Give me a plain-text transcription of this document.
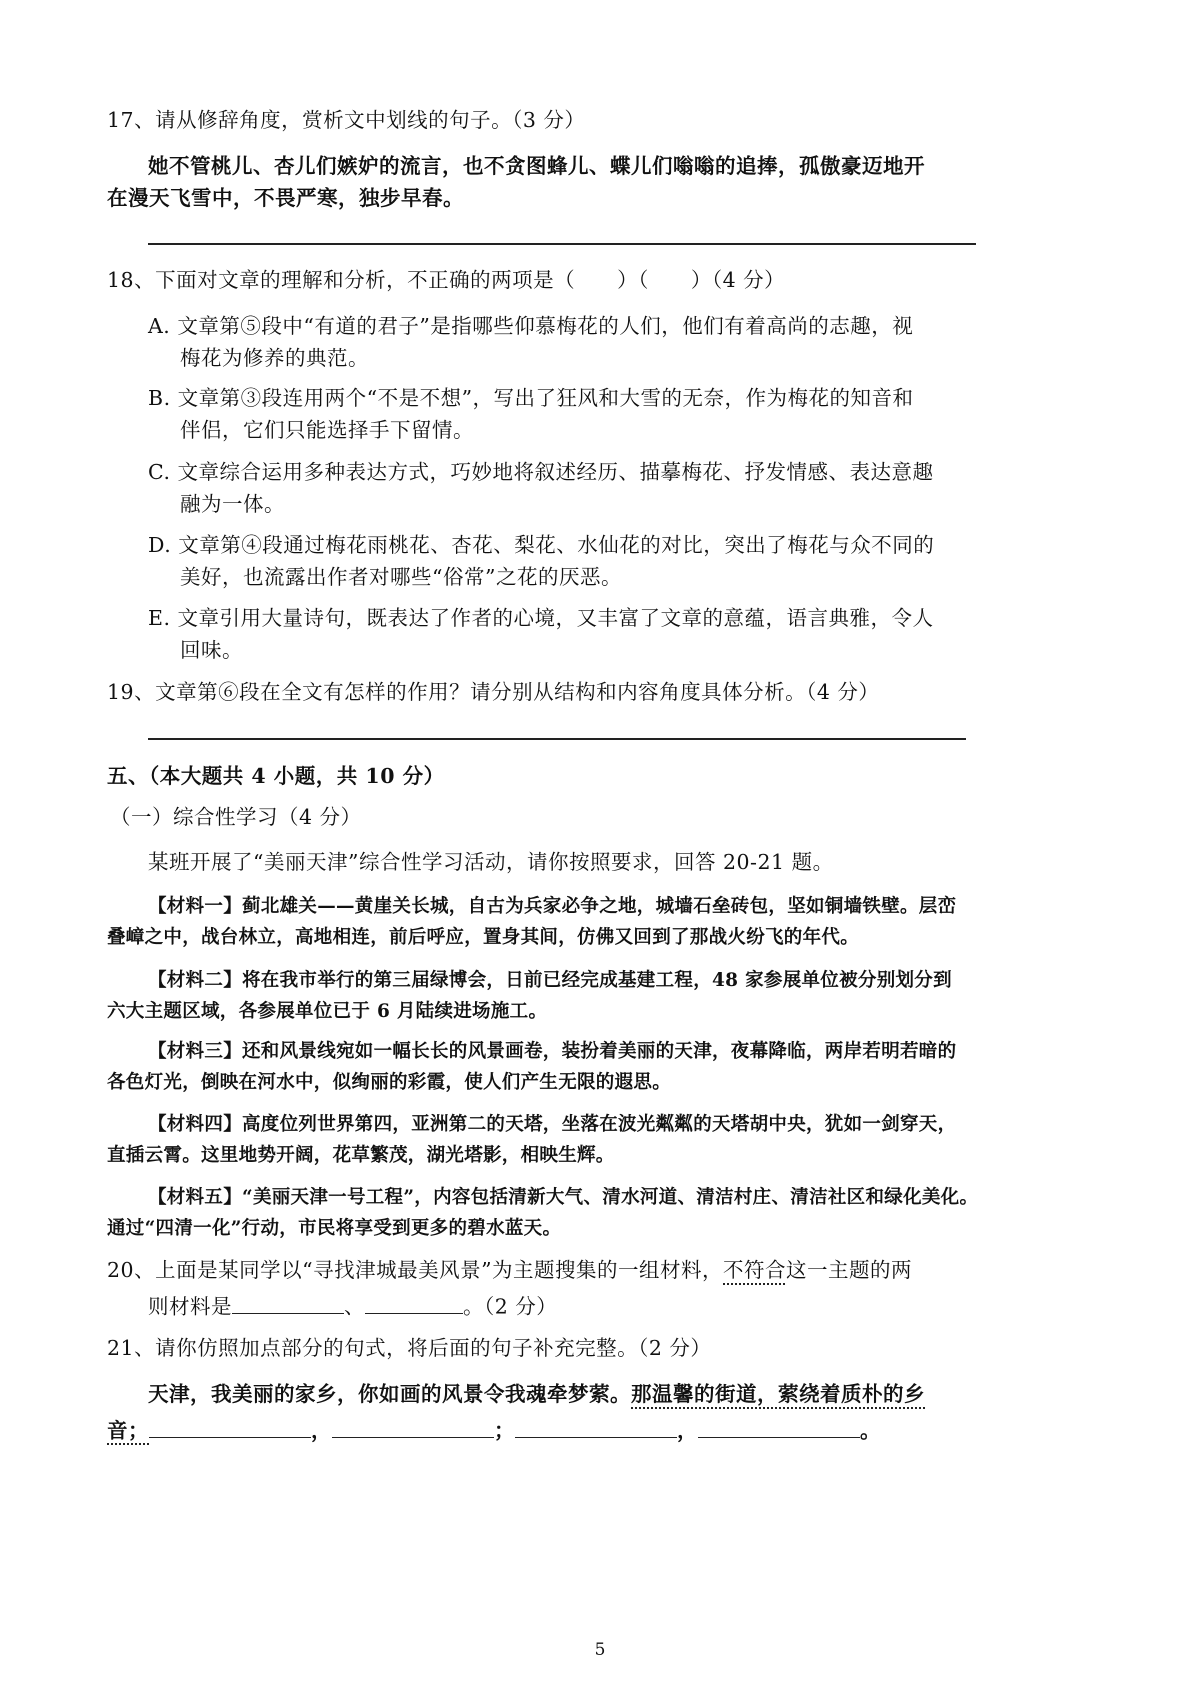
17、请从修辞角度，赏析文中划线的句子。（3 分）
她不管桃儿、杏儿们嫉妒的流言，也不贪图蜂儿、蝶儿们嗡嗡的追捧，孤傲豪迈地开
在漫天飞雪中，不畏严寒，独步早春。
18、下面对文章的理解和分析，不正确的两项是（　　）（　　）（4 分）
A. 文章第⑤段中“有道的君子”是指哪些仰慕梅花的人们，他们有着高尚的志趣，视
梅花为修养的典范。
B. 文章第③段连用两个“不是不想”，写出了狂风和大雪的无奈，作为梅花的知音和
伴侣，它们只能选择手下留情。
C. 文章综合运用多种表达方式，巧妙地将叙述经历、描摹梅花、抒发情感、表达意趣
融为一体。
D. 文章第④段通过梅花雨桃花、杏花、梨花、水仙花的对比，突出了梅花与众不同的
美好，也流露出作者对哪些“俗常”之花的厌恶。
E. 文章引用大量诗句，既表达了作者的心境，又丰富了文章的意蕴，语言典雅，令人
回味。
19、文章第⑥段在全文有怎样的作用？请分别从结构和内容角度具体分析。（4 分）
五、（本大题共 4 小题，共 10 分）
（一）综合性学习（4 分）
某班开展了“美丽天津”综合性学习活动，请你按照要求，回答 20-21 题。
【材料一】蓟北雄关——黄崖关长城，自古为兵家必争之地，城墙石垒砖包，坚如铜墙铁壁。层峦
叠嶂之中，战台林立，高地相连，前后呼应，置身其间，仿佛又回到了那战火纷飞的年代。
【材料二】将在我市举行的第三届绿博会，日前已经完成基建工程，48 家参展单位被分别划分到
六大主题区域，各参展单位已于 6 月陆续进场施工。
【材料三】还和风景线宛如一幅长长的风景画卷，装扮着美丽的天津，夜幕降临，两岸若明若暗的
各色灯光，倒映在河水中，似绚丽的彩霞，使人们产生无限的遐思。
【材料四】高度位列世界第四，亚洲第二的天塔，坐落在波光粼粼的天塔胡中央，犹如一剑穿天，
直插云霄。这里地势开阔，花草繁茂，湖光塔影，相映生辉。
【材料五】“美丽天津一号工程”，内容包括清新大气、清水河道、清洁村庄、清洁社区和绿化美化。
通过“四清一化”行动，市民将享受到更多的碧水蓝天。
20、上面是某同学以“寻找津城最美风景”为主题搜集的一组材料，不符合这一主题的两
则材料是	、	。（2 分）
21、请你仿照加点部分的句式，将后面的句子补充完整。（2 分）
天津，我美丽的家乡，你如画的风景令我魂牵梦萦。那温馨的街道，萦绕着质朴的乡
音；	，	；	，	。
5
